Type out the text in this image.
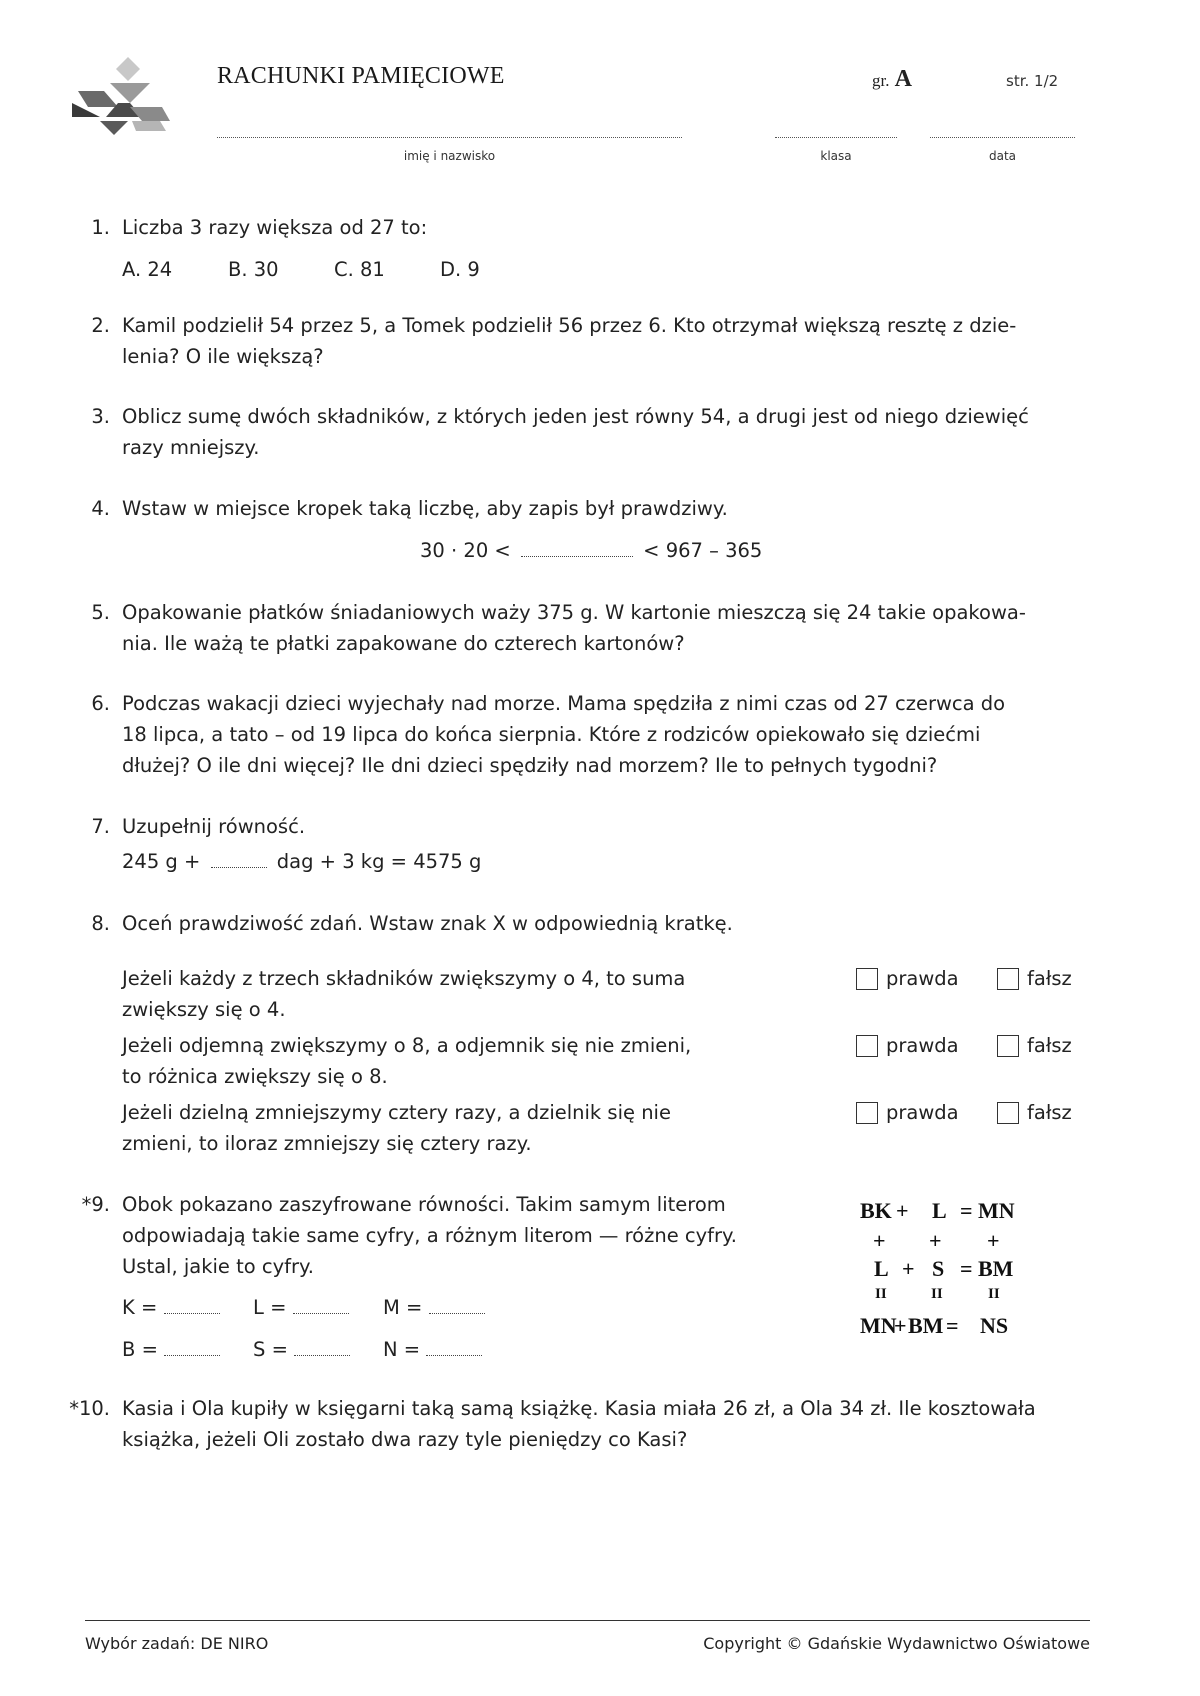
RACHUNKI PAMIĘCIOWE	gr. A	str. 1/2
imię i nazwisko	klasa	data
1. Liczba 3 razy większa od 27 to:
A. 24	B. 30	C. 81	D. 9
2. Kamil podzielił 54 przez 5, a Tomek podzielił 56 przez 6. Kto otrzymał większą resztę z dzie-
lenia? O ile większą?
3. Oblicz sumę dwóch składników, z których jeden jest równy 54, a drugi jest od niego dziewięć
razy mniejszy.
4. Wstaw w miejsce kropek taką liczbę, aby zapis był prawdziwy.
30 · 20 <	< 967 – 365
5. Opakowanie płatków śniadaniowych waży 375 g. W kartonie mieszczą się 24 takie opakowa-
nia. Ile ważą te płatki zapakowane do czterech kartonów?
6. Podczas wakacji dzieci wyjechały nad morze. Mama spędziła z nimi czas od 27 czerwca do
18 lipca, a tato – od 19 lipca do końca sierpnia. Które z rodziców opiekowało się dziećmi
dłużej? O ile dni więcej? Ile dni dzieci spędziły nad morzem? Ile to pełnych tygodni?
7. Uzupełnij równość.
245 g +	dag + 3 kg = 4575 g
8. Oceń prawdziwość zdań. Wstaw znak X w odpowiednią kratkę.
Jeżeli każdy z trzech składników zwiększymy o 4, to suma
zwiększy się o 4.
prawda	fałsz
Jeżeli odjemną zwiększymy o 8, a odjemnik się nie zmieni,
to różnica zwiększy się o 8.
prawda	fałsz
Jeżeli dzielną zmniejszymy cztery razy, a dzielnik się nie
zmieni, to iloraz zmniejszy się cztery razy.
prawda	fałsz
*9. Obok pokazano zaszyfrowane równości. Takim samym literom
odpowiadają takie same cyfry, a różnym literom — różne cyfry.
Ustal, jakie to cyfry.
K =	L =	M =
B =	S =	N =
BK + L = MN
+ + +
L + S = BM
II	II	II
MN
+ BM = NS
*10. Kasia i Ola kupiły w księgarni taką samą książkę. Kasia miała 26 zł, a Ola 34 zł. Ile kosztowała
książka, jeżeli Oli zostało dwa razy tyle pieniędzy co Kasi?
Wybór zadań: DE NIRO	Copyright © Gdańskie Wydawnictwo Oświatowe
